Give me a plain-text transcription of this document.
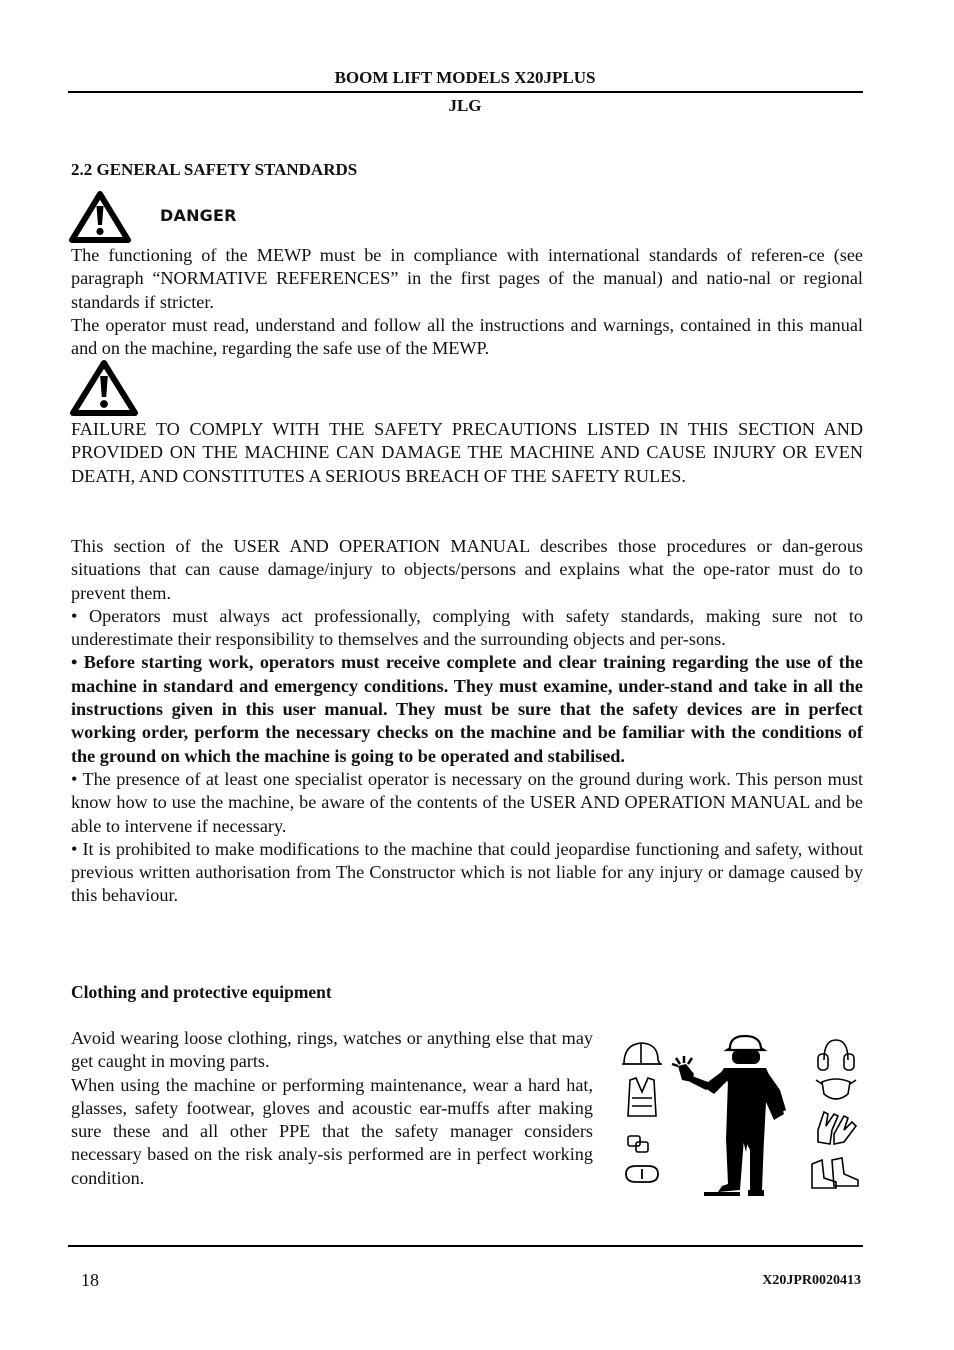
BOOM LIFT MODELS X20JPLUS
JLG
2.2 GENERAL SAFETY STANDARDS
DANGER

The functioning of the MEWP must be in compliance with international standards of referen-ce (see paragraph “NORMATIVE REFERENCES” in the first pages of the manual) and natio-nal or regional standards if stricter.

The operator must read, understand and follow all the instructions and warnings, contained in this manual and on the machine, regarding the safe use of the MEWP.

FAILURE TO COMPLY WITH THE SAFETY PRECAUTIONS LISTED IN THIS SECTION AND PROVIDED ON THE MACHINE CAN DAMAGE THE MACHINE AND CAUSE INJURY OR EVEN DEATH, AND CONSTITUTES A SERIOUS BREACH OF THE SAFETY RULES.

This section of the USER AND OPERATION MANUAL describes those procedures or dan-gerous situations that can cause damage/injury to objects/persons and explains what the ope-rator must do to prevent them.

• Operators must always act professionally, complying with safety standards, making sure not to underestimate their responsibility to themselves and the surrounding objects and per-sons.

• Before starting work, operators must receive complete and clear training regarding the use of the machine in standard and emergency conditions. They must examine, under-stand and take in all the instructions given in this user manual. They must be sure that the safety devices are in perfect working order, perform the necessary checks on the machine and be familiar with the conditions of the ground on which the machine is going to be operated and stabilised.

• The presence of at least one specialist operator is necessary on the ground during work. This person must know how to use the machine, be aware of the contents of the USER AND OPERATION MANUAL and be able to intervene if necessary.

• It is prohibited to make modifications to the machine that could jeopardise functioning and safety, without previous written authorisation from The Constructor which is not liable for any injury or damage caused by this behaviour.

Clothing and protective equipment

Avoid wearing loose clothing, rings, watches or anything else that may get caught in moving parts.

When using the machine or performing maintenance, wear a hard hat, glasses, safety footwear, gloves and acoustic ear-muffs after making sure these and all other PPE that the safety manager considers necessary based on the risk analy-sis performed are in perfect working condition.

18	X20JPR0020413
